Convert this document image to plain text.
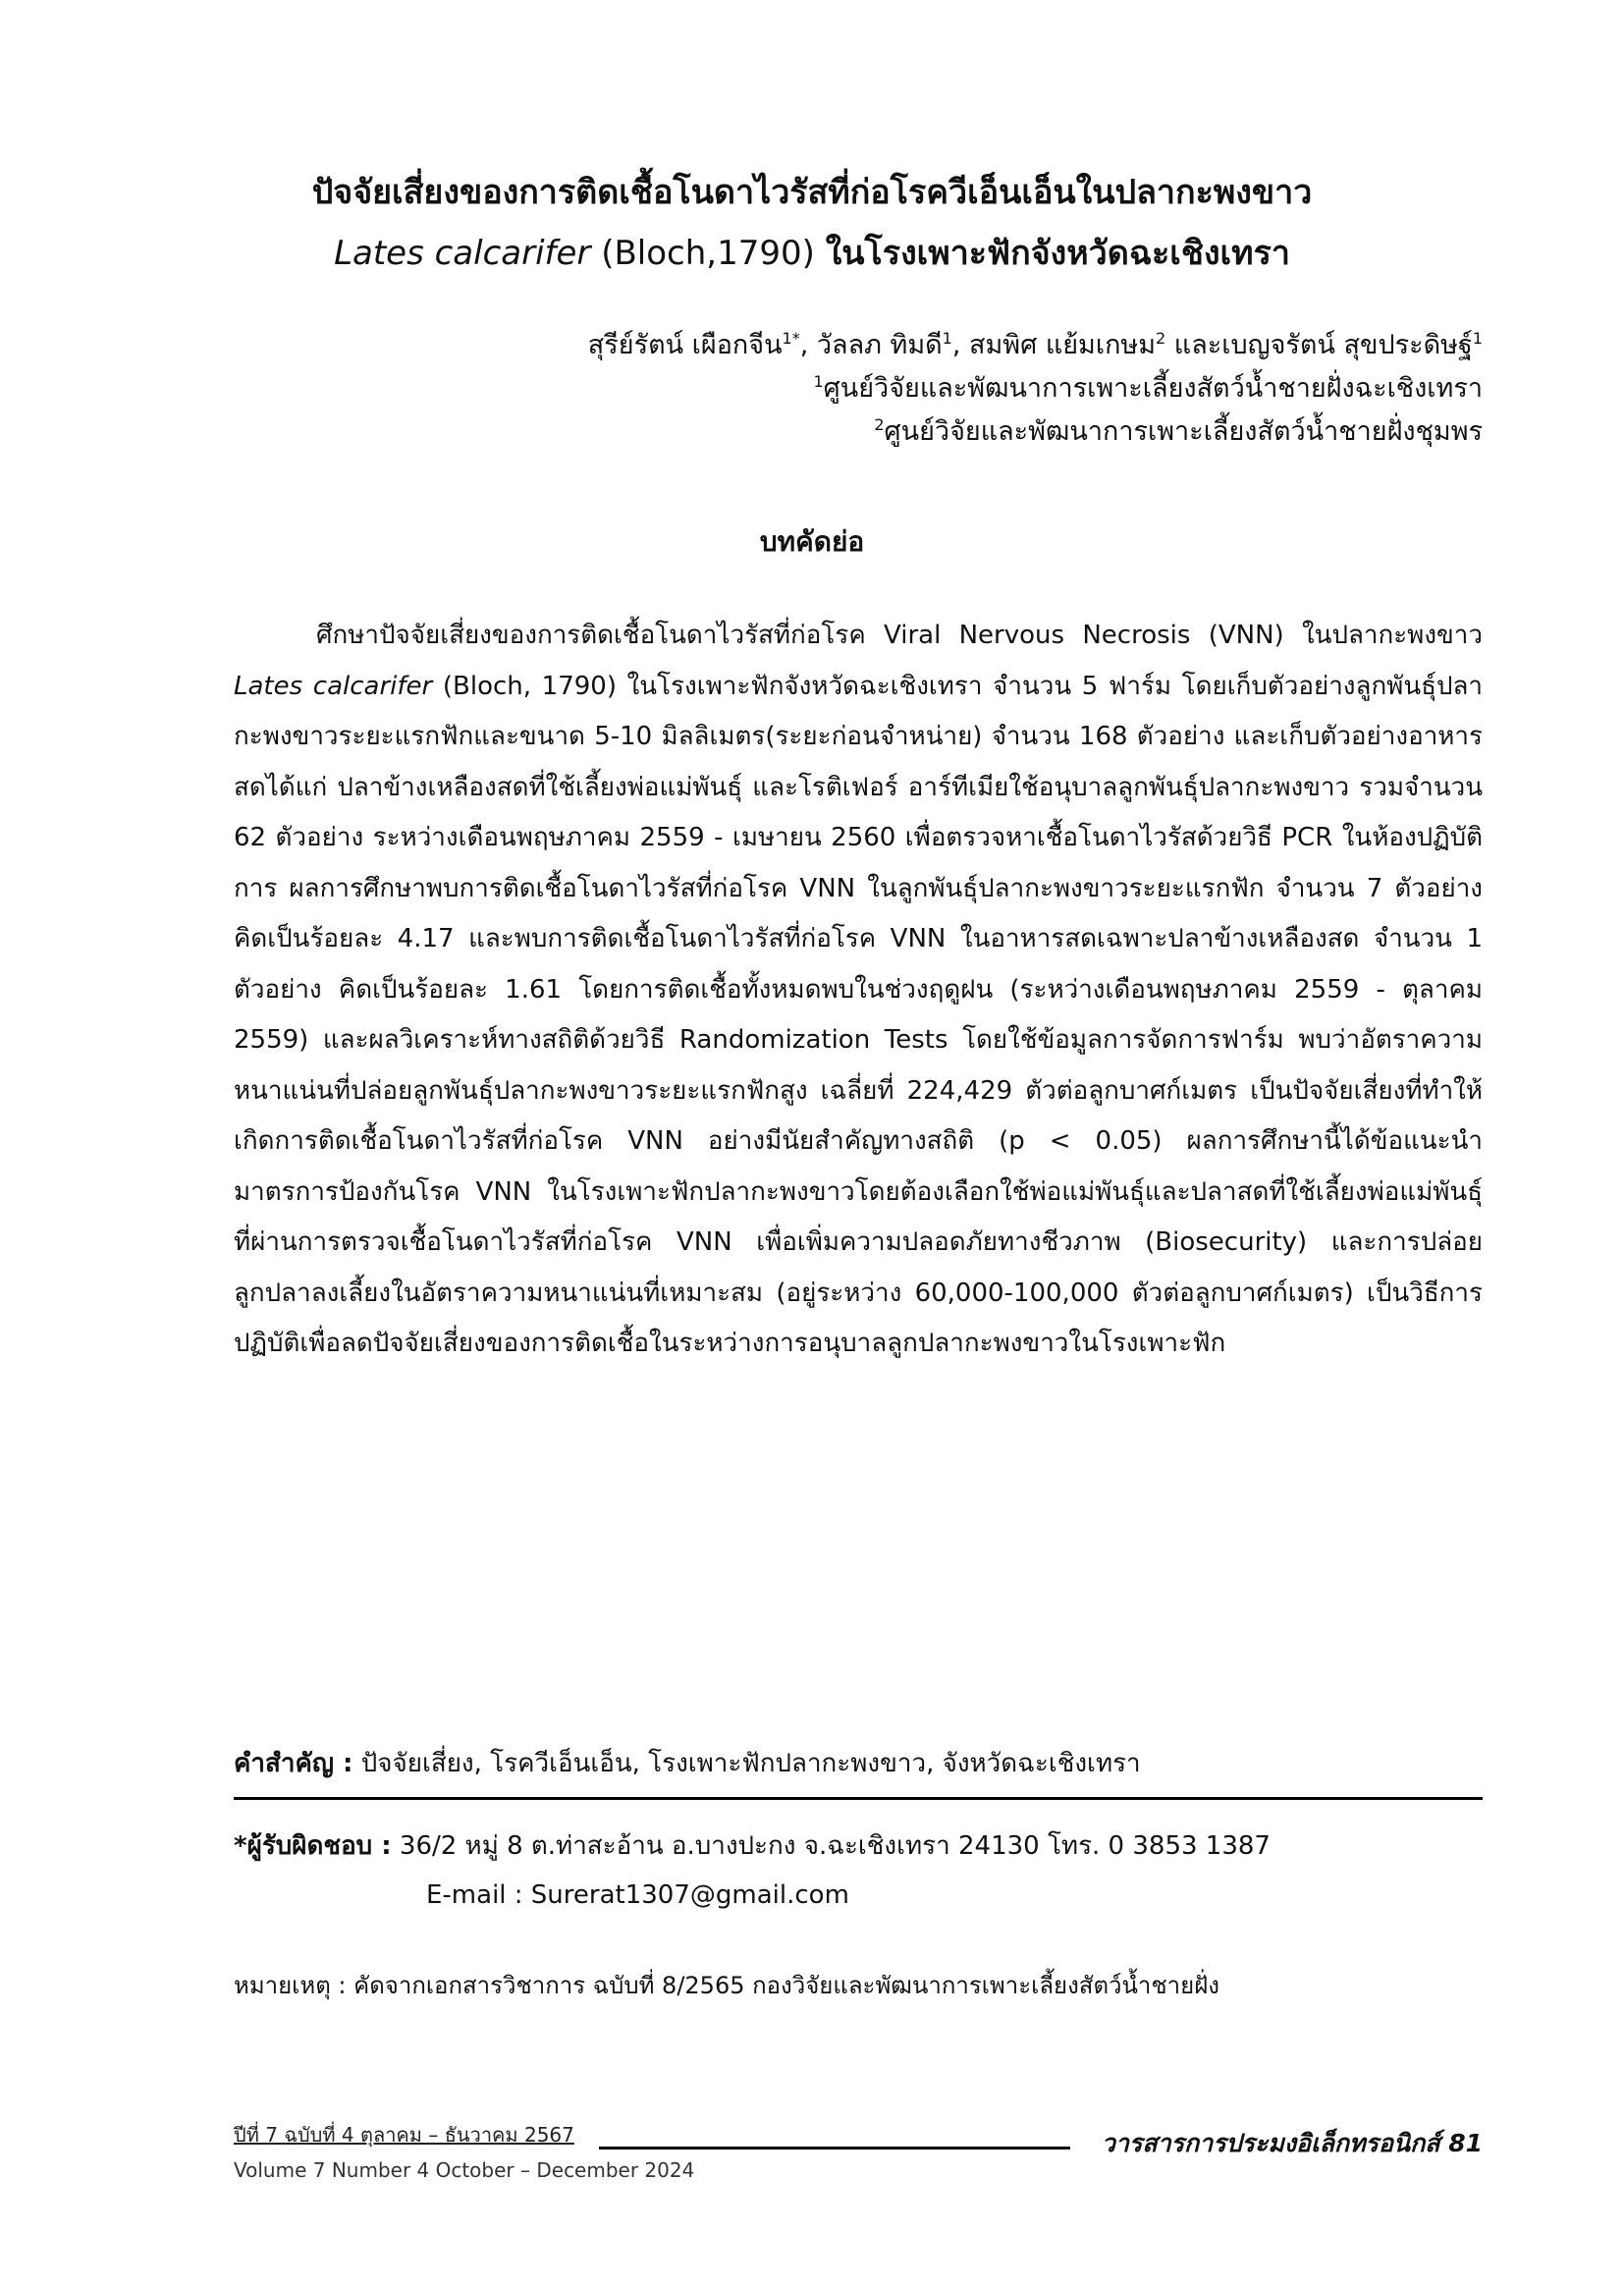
ปัจจัยเสี่ยงของการติดเชื้อโนดาไวรัสที่ก่อโรควีเอ็นเอ็นในปลากะพงขาว
Lates calcarifer (Bloch,1790) ในโรงเพาะฟักจังหวัดฉะเชิงเทรา
สุรีย์รัตน์ เผือกจีน$^{1*}$, วัลลภ ทิมดี$^1$, สมพิศ แย้มเกษม$^2$ และเบญจรัตน์ สุขประดิษฐ์$^1$
$^1$ศูนย์วิจัยและพัฒนาการเพาะเลี้ยงสัตว์น้ำชายฝั่งฉะเชิงเทรา
$^2$ศูนย์วิจัยและพัฒนาการเพาะเลี้ยงสัตว์น้ำชายฝั่งชุมพร
บทคัดย่อ

ศึกษาปัจจัยเสี่ยงของการติดเชื้อโนดาไวรัสที่ก่อโรค Viral Nervous Necrosis (VNN) ในปลากะพงขาว Lates calcarifer (Bloch, 1790) ในโรงเพาะฟักจังหวัดฉะเชิงเทรา จำนวน 5 ฟาร์ม โดยเก็บตัวอย่างลูกพันธุ์ปลากะพงขาวระยะแรกฟักและขนาด 5-10 มิลลิเมตร(ระยะก่อนจำหน่าย) จำนวน 168 ตัวอย่าง และเก็บตัวอย่างอาหารสดได้แก่ ปลาข้างเหลืองสดที่ใช้เลี้ยงพ่อแม่พันธุ์ และโรติเฟอร์ อาร์ทีเมียใช้อนุบาลลูกพันธุ์ปลากะพงขาว รวมจำนวน 62 ตัวอย่าง ระหว่างเดือนพฤษภาคม 2559 - เมษายน 2560 เพื่อตรวจหาเชื้อโนดาไวรัสด้วยวิธี PCR ในห้องปฏิบัติการ ผลการศึกษาพบการติดเชื้อโนดาไวรัสที่ก่อโรค VNN ในลูกพันธุ์ปลากะพงขาวระยะแรกฟัก จำนวน 7 ตัวอย่าง คิดเป็นร้อยละ 4.17 และพบการติดเชื้อโนดาไวรัสที่ก่อโรค VNN ในอาหารสดเฉพาะปลาข้างเหลืองสด จำนวน 1 ตัวอย่าง คิดเป็นร้อยละ 1.61 โดยการติดเชื้อทั้งหมดพบในช่วงฤดูฝน (ระหว่างเดือนพฤษภาคม 2559 - ตุลาคม 2559) และผลวิเคราะห์ทางสถิติด้วยวิธี Randomization Tests โดยใช้ข้อมูลการจัดการฟาร์ม พบว่าอัตราความหนาแน่นที่ปล่อยลูกพันธุ์ปลากะพงขาวระยะแรกฟักสูง เฉลี่ยที่ 224,429 ตัวต่อลูกบาศก์เมตร เป็นปัจจัยเสี่ยงที่ทำให้เกิดการติดเชื้อโนดาไวรัสที่ก่อโรค VNN อย่างมีนัยสำคัญทางสถิติ (p < 0.05) ผลการศึกษานี้ได้ข้อแนะนำมาตรการป้องกันโรค VNN ในโรงเพาะฟักปลากะพงขาวโดยต้องเลือกใช้พ่อแม่พันธุ์และปลาสดที่ใช้เลี้ยงพ่อแม่พันธุ์ที่ผ่านการตรวจเชื้อโนดาไวรัสที่ก่อโรค VNN เพื่อเพิ่มความปลอดภัยทางชีวภาพ (Biosecurity) และการปล่อยลูกปลาลงเลี้ยงในอัตราความหนาแน่นที่เหมาะสม (อยู่ระหว่าง 60,000-100,000 ตัวต่อลูกบาศก์เมตร) เป็นวิธีการปฏิบัติเพื่อลดปัจจัยเสี่ยงของการติดเชื้อในระหว่างการอนุบาลลูกปลากะพงขาวในโรงเพาะฟัก

คำสำคัญ : ปัจจัยเสี่ยง, โรควีเอ็นเอ็น, โรงเพาะฟักปลากะพงขาว, จังหวัดฉะเชิงเทรา
*ผู้รับผิดชอบ : 36/2 หมู่ 8 ต.ท่าสะอ้าน อ.บางปะกง จ.ฉะเชิงเทรา 24130 โทร. 0 3853 1387
E-mail : Surerat1307@gmail.com
หมายเหตุ : คัดจากเอกสารวิชาการ ฉบับที่ 8/2565 กองวิจัยและพัฒนาการเพาะเลี้ยงสัตว์น้ำชายฝั่ง
ปีที่ 7 ฉบับที่ 4 ตุลาคม – ธันวาคม 2567
Volume 7 Number 4 October – December 2024
วารสารการประมงอิเล็กทรอนิกส์ 81
